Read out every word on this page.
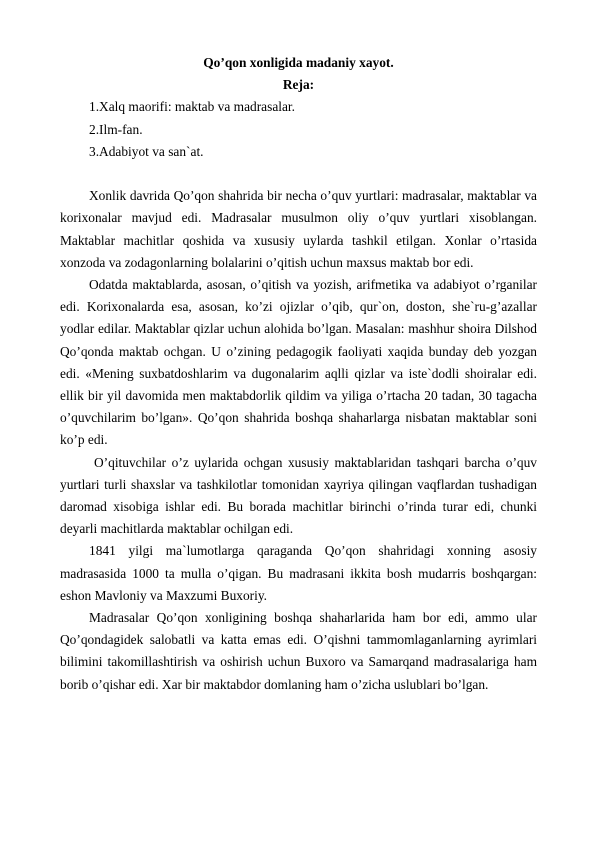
Qo’qon xonligida madaniy xayot.

Reja:

1.Xalq maorifi: maktab va madrasalar.

2.Ilm-fan.

3.Adabiyot va san`at.

Xonlik davrida Qo’qon shahrida bir necha o’quv yurtlari: madrasalar, maktablar va korixonalar mavjud edi. Madrasalar musulmon oliy o’quv yurtlari xisoblangan. Maktablar machitlar qoshida va xususiy uylarda tashkil etilgan. Xonlar o’rtasida xonzoda va zodagonlarning bolalarini o’qitish uchun maxsus maktab bor edi.

Odatda maktablarda, asosan, o’qitish va yozish, arifmetika va adabiyot o’rganilar edi. Korixonalarda esa, asosan, ko’zi ojizlar o’qib, qur`on, doston, she`ru-g’azallar yodlar edilar. Maktablar qizlar uchun alohida bo’lgan. Masalan: mashhur shoira Dilshod Qo’qonda maktab ochgan. U o’zining pedagogik faoliyati xaqida bunday deb yozgan edi. «Mening suxbatdoshlarim va dugonalarim aqlli qizlar va iste`dodli shoiralar edi. ellik bir yil davomida men maktabdorlik qildim va yiliga o’rtacha 20 tadan, 30 tagacha o’quvchilarim bo’lgan». Qo’qon shahrida boshqa shaharlarga nisbatan maktablar soni ko’p edi.

O’qituvchilar o’z uylarida ochgan xususiy maktablaridan tashqari barcha o’quv yurtlari turli shaxslar va tashkilotlar tomonidan xayriya qilingan vaqflardan tushadigan daromad xisobiga ishlar edi. Bu borada machitlar birinchi o’rinda turar edi, chunki deyarli machitlarda maktablar ochilgan edi.

1841 yilgi ma`lumotlarga qaraganda Qo’qon shahridagi xonning asosiy madrasasida 1000 ta mulla o’qigan. Bu madrasani ikkita bosh mudarris boshqargan: eshon Mavloniy va Maxzumi Buxoriy.

Madrasalar Qo’qon xonligining boshqa shaharlarida ham bor edi, ammo ular Qo’qondagidek salobatli va katta emas edi. O’qishni tammomlaganlarning ayrimlari bilimini takomillashtirish va oshirish uchun Buxoro va Samarqand madrasalariga ham borib o’qishar edi. Xar bir maktabdor domlaning ham o’zicha uslublari bo’lgan.
